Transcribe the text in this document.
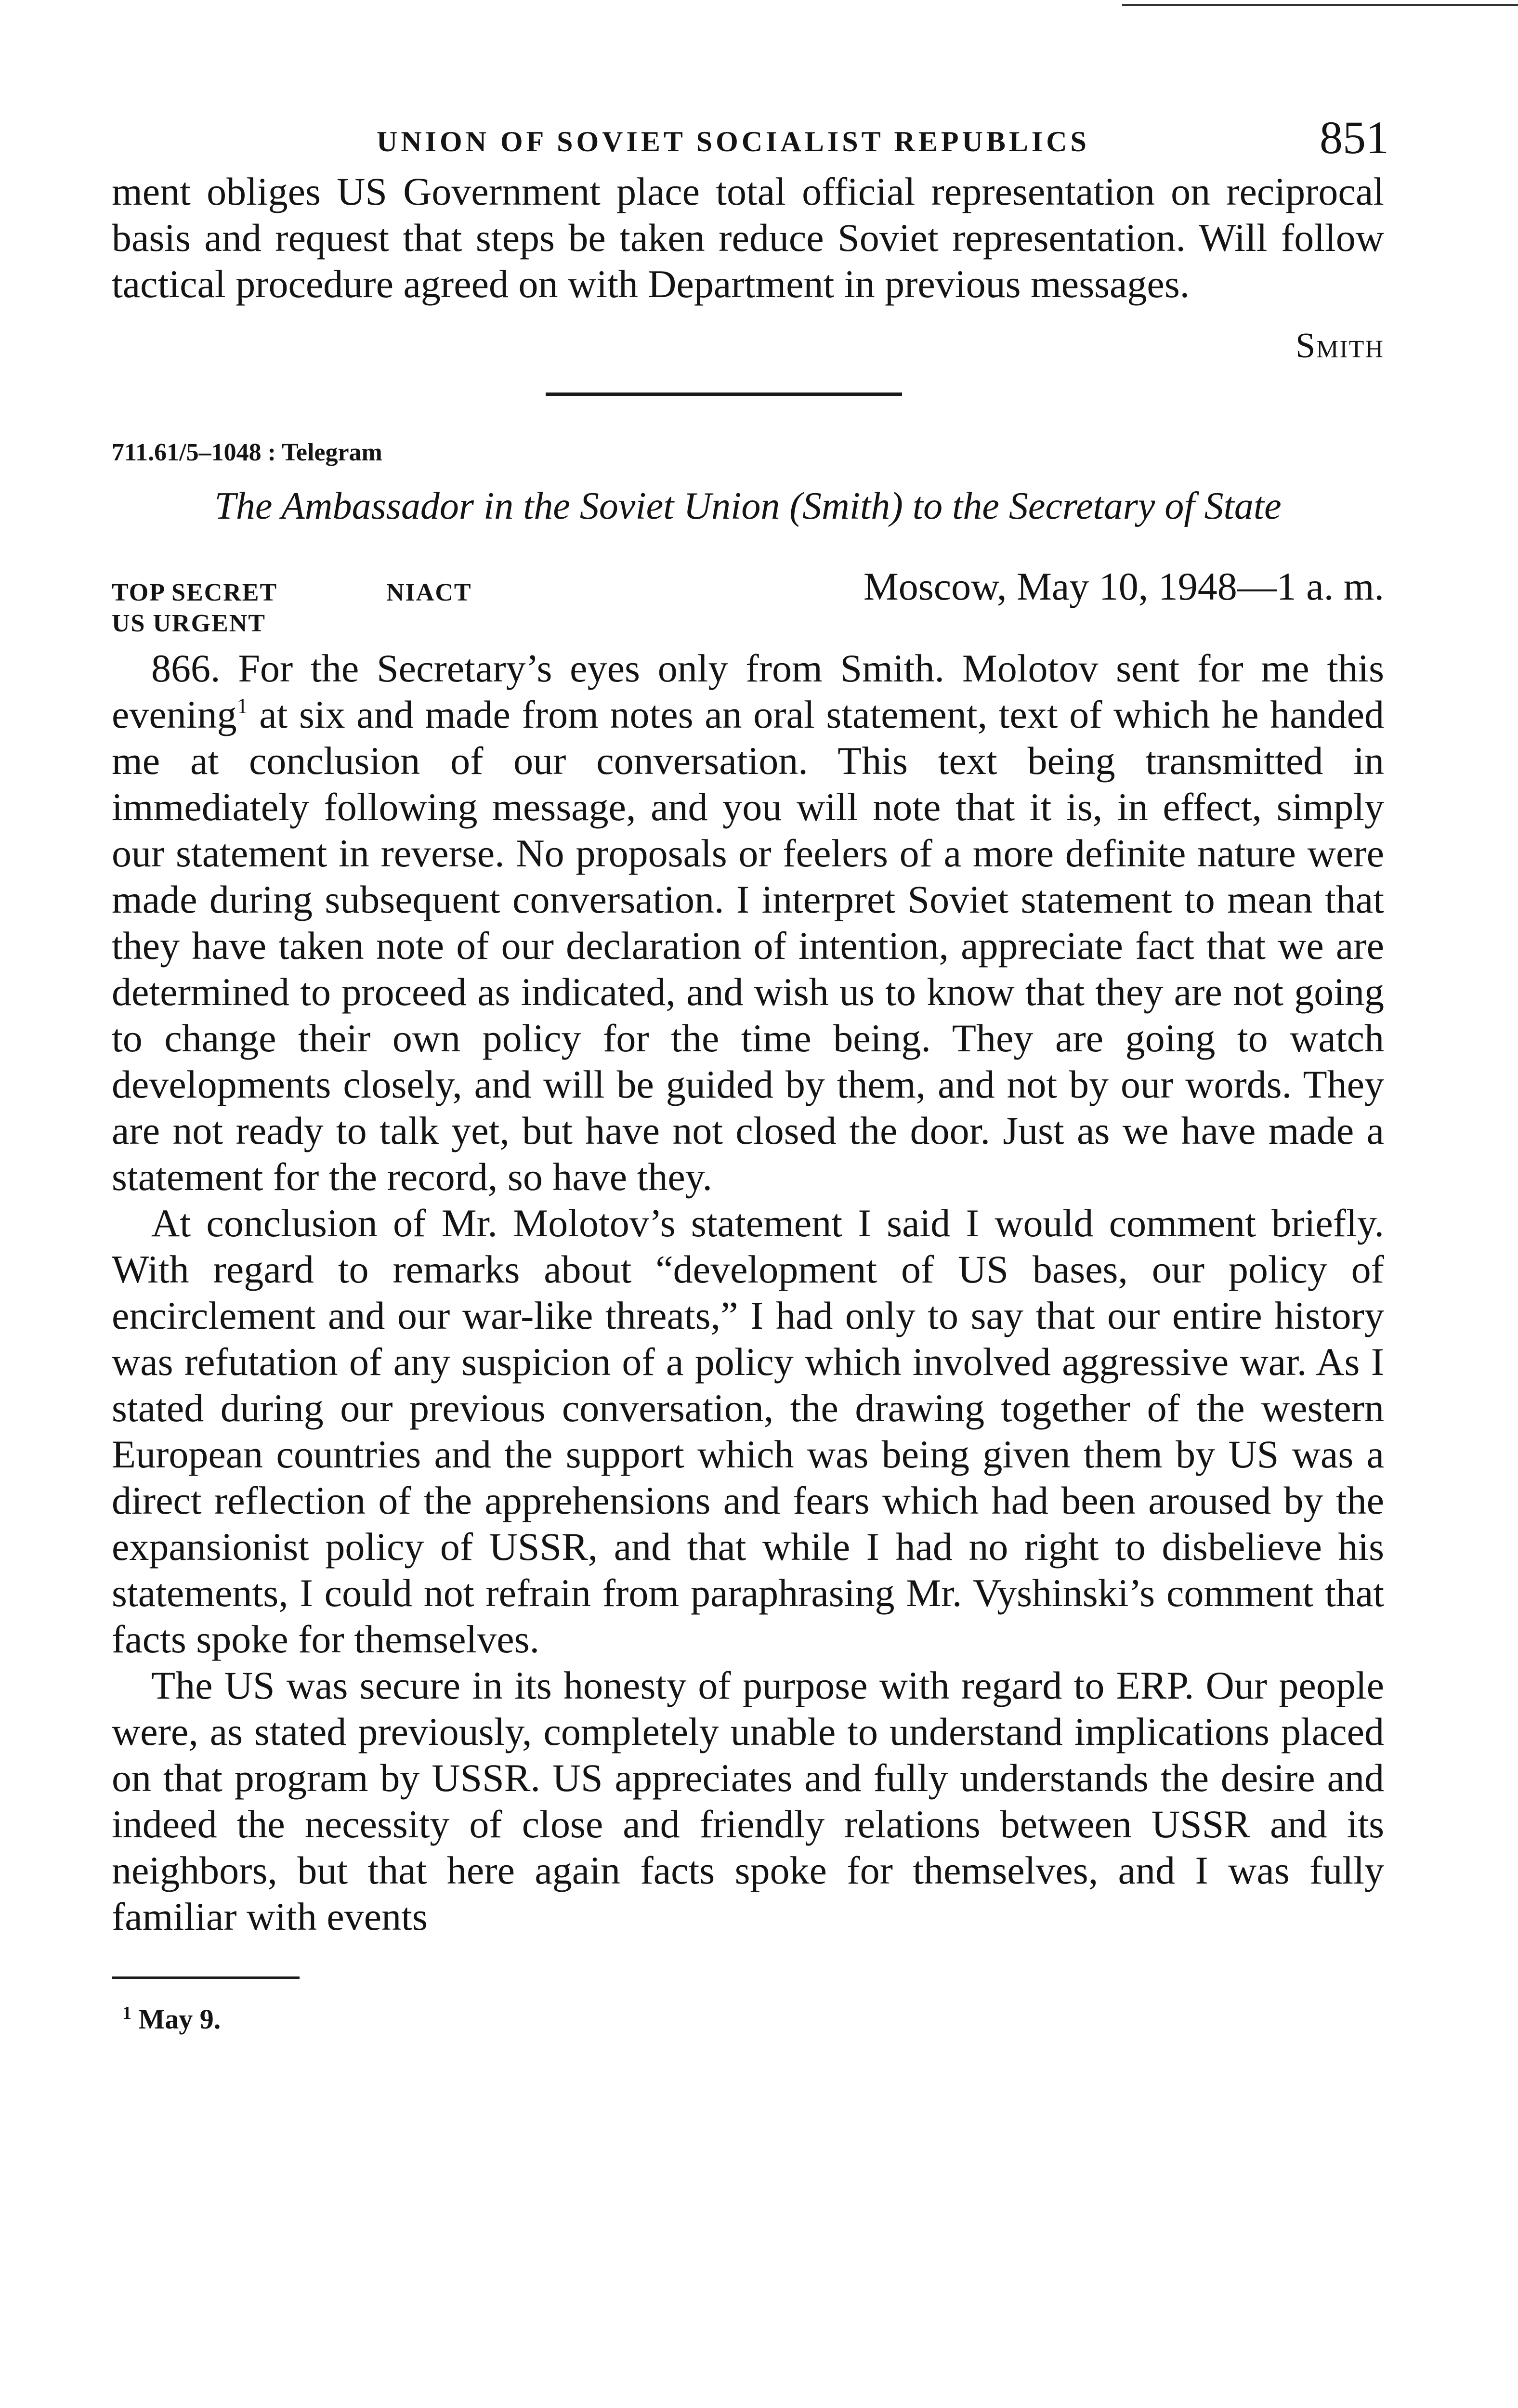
UNION OF SOVIET SOCIALIST REPUBLICS	851

ment obliges US Government place total official representation on reciprocal basis and request that steps be taken reduce Soviet representation. Will follow tactical procedure agreed on with Department in previous messages.

Smith
711.61/5–1048 : Telegram
The Ambassador in the Soviet Union (Smith) to the Secretary of State
TOP SECRET	NIACT	Moscow, May 10, 1948—1 a. m.
US URGENT

866. For the Secretary’s eyes only from Smith. Molotov sent for me this evening$^1$ at six and made from notes an oral statement, text of which he handed me at conclusion of our conversation. This text being transmitted in immediately following message, and you will note that it is, in effect, simply our statement in reverse. No proposals or feelers of a more definite nature were made during subsequent conversation. I interpret Soviet statement to mean that they have taken note of our declaration of intention, appreciate fact that we are determined to proceed as indicated, and wish us to know that they are not going to change their own policy for the time being. They are going to watch developments closely, and will be guided by them, and not by our words. They are not ready to talk yet, but have not closed the door. Just as we have made a statement for the record, so have they.

At conclusion of Mr. Molotov’s statement I said I would comment briefly. With regard to remarks about “development of US bases, our policy of encirclement and our war-like threats,” I had only to say that our entire history was refutation of any suspicion of a policy which involved aggressive war. As I stated during our previous conversation, the drawing together of the western European countries and the support which was being given them by US was a direct reflection of the apprehensions and fears which had been aroused by the expansionist policy of USSR, and that while I had no right to disbelieve his statements, I could not refrain from paraphrasing Mr. Vyshinski’s comment that facts spoke for themselves.

The US was secure in its honesty of purpose with regard to ERP. Our people were, as stated previously, completely unable to understand implications placed on that program by USSR. US appreciates and fully understands the desire and indeed the necessity of close and friendly relations between USSR and its neighbors, but that here again facts spoke for themselves, and I was fully familiar with events

$^1$ May 9.
